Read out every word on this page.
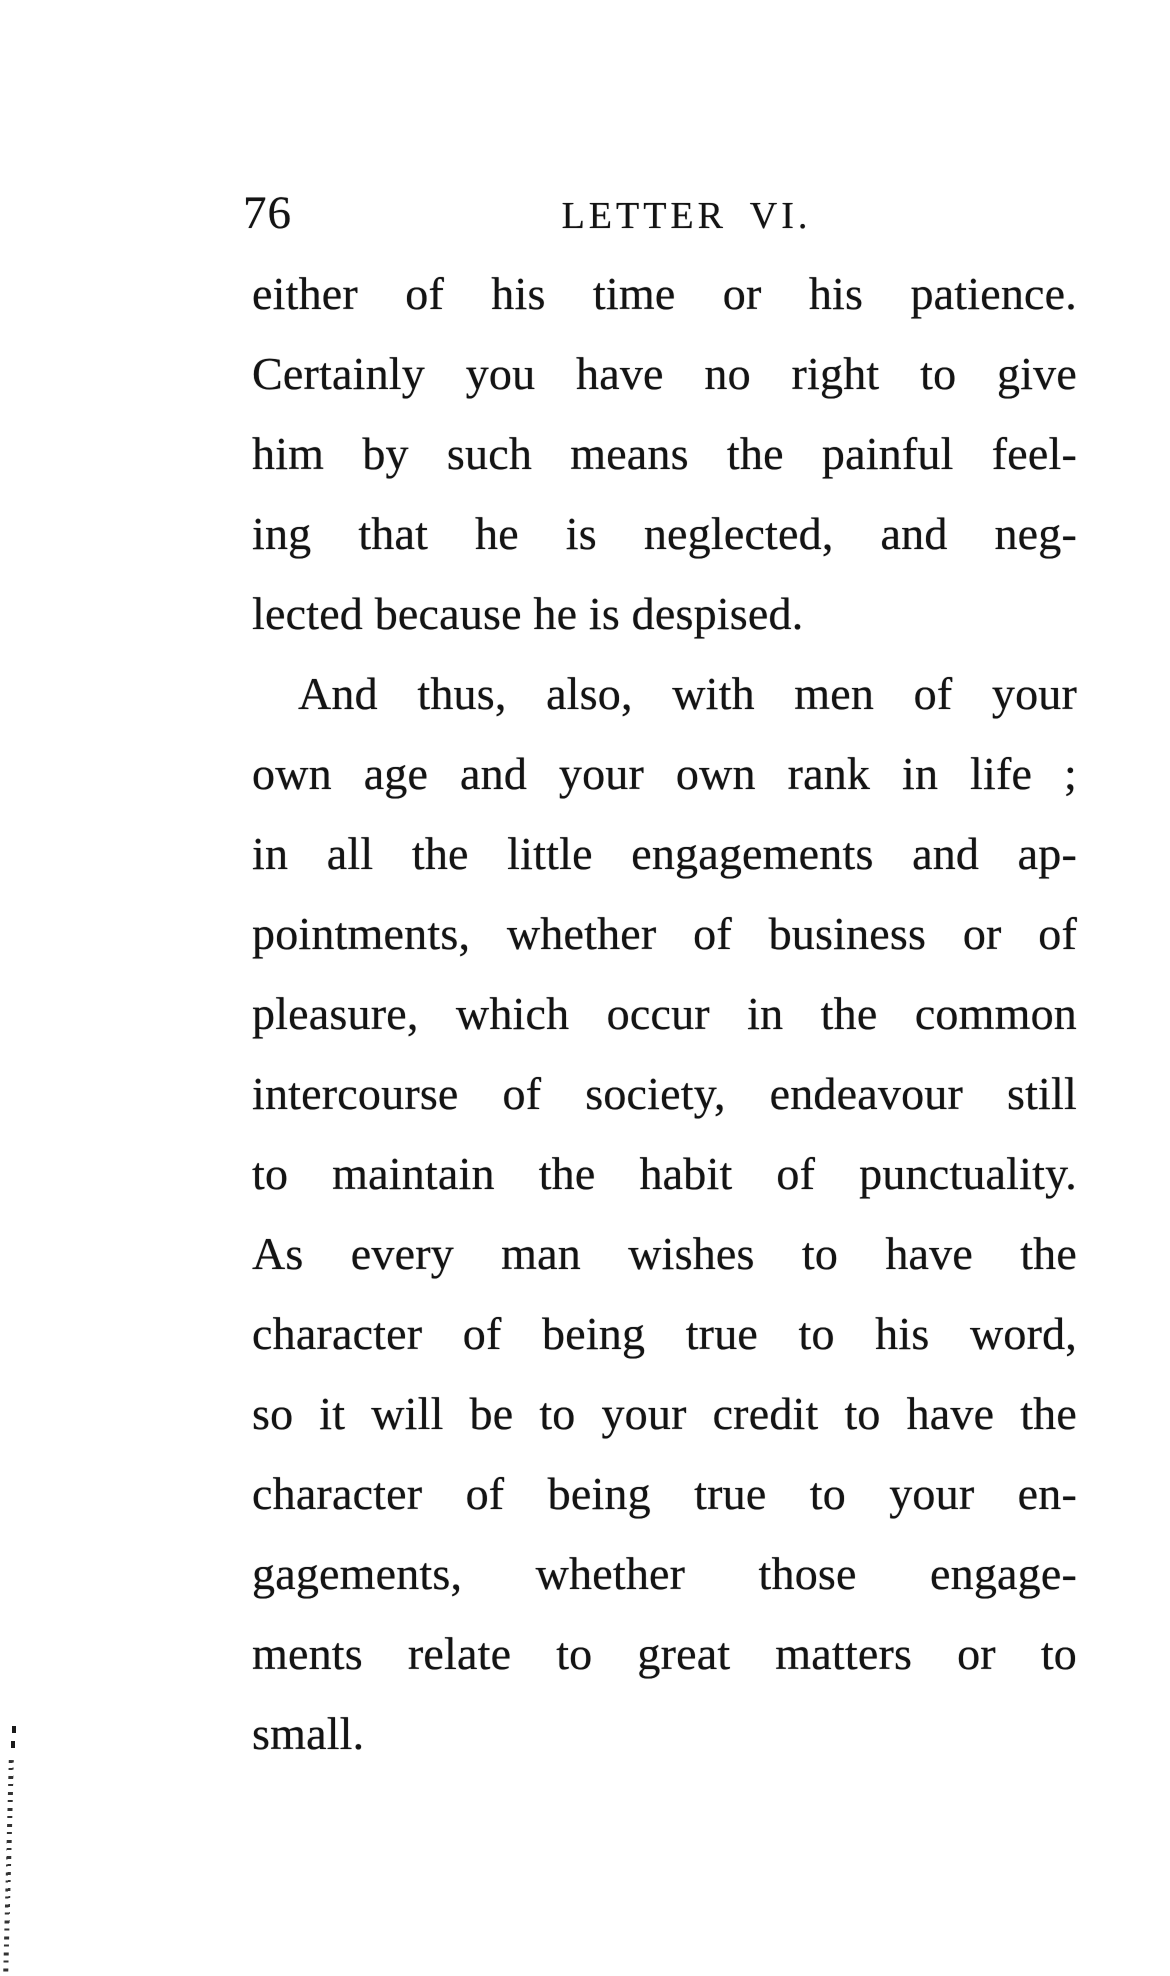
76	LETTER VI.
either of his time or his patience.
Certainly you have no right to give
him by such means the painful feel-
ing that he is neglected, and neg-
lected because he is despised.
And thus, also, with men of your
own age and your own rank in life ;
in all the little engagements and ap-
pointments, whether of business or of
pleasure, which occur in the common
intercourse of society, endeavour still
to maintain the habit of punctuality.
As every man wishes to have the
character of being true to his word,
so it will be to your credit to have the
character of being true to your en-
gagements, whether those engage-
ments relate to great matters or to
small.
